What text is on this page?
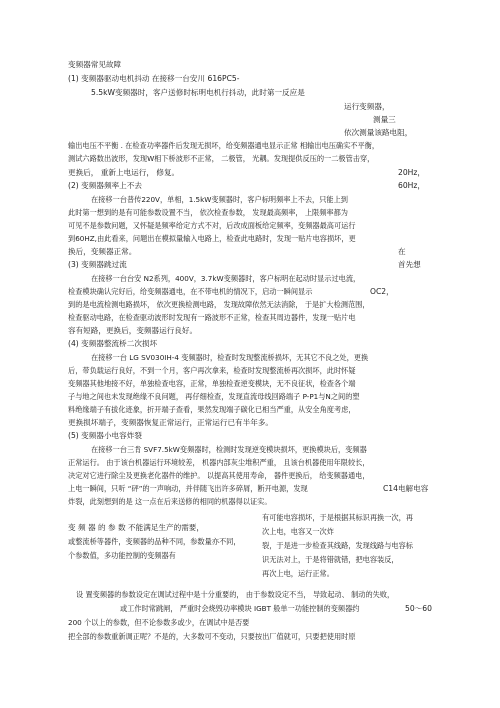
变频器常见故障
(1) 变频器驱动电机抖动 在接移一台安川 616PC5-
5.5kW变频器时，客户送修时标明电机行抖动，此时第一反应是
运行变频器，
测量三
依次测量该路电阻，
输出电压不平衡 . 在检查功率器件后发现无损坏，给变频器通电显示正常 相输出电压确实不平衡，
测试六路数出波形，发现W相下桥波形不正常， 二极管， 光耦。发现提供反压的一二极管击穿，
更换后， 重新上电运行， 修复。	20Hz，
(2) 变频器频率上不去	60Hz，
在接移一台普传220V，单相，1.5kW变频器时，客户标明频率上不去，只能上到
此时第一想到的是有可能参数设置不当， 依次检查参数， 发现最高频率， 上限频率都为
可见不是参数问题，又怀疑是频率给定方式不对，后改成面板给定频率，变频器最高可运行
到60HZ,由此看来，问题出在模拟量输入电路上，检查此电路时，发现一贴片电容损坏，更
换后，变频器正常。	在
(3) 变频器跳过流	首先想
在接移一台台安 N2系列，400V，3.7kW变频器时，客户标明在起动时显示过电流，
检查模块确认完好后，给变频器通电，在不带电机的情况下，启动一瞬间显示	OC2，
到的是电流检测电路损坏， 依次更换检测电路， 发现故障依然无法消除， 于是扩大检测范围，
检查驱动电路，在检查驱动波形时发现有一路波形不正常，检查其周边器件，发现一贴片电
容有短路，更换后，变频器运行良好。
(4) 变频器整流桥二次损坏
在接移一台 LG SV030IH-4 变频器时，检查时发现整流桥损坏，无其它不良之处，更换
后，带负载运行良好，不到一个月，客户再次拿来，检查时发现整流桥再次损坏，此时怀疑
变频器其他地接不好，单独检查电容，正常，单独检查逆变模块，无不良征状，检查各个端
子与地之间也未发现绝缘不良问题， 再仔细检查，发现直流母线回路端子 P-P1与N之间的塑
料绝缘端子有拔化迹象，折开端子查看，果然发现端子碳化已相当严重，从安全角度考虑，
更换损坏端子，变频器恢复正常运行，正常运行已有半年多。
(5) 变频器小电容炸裂
在接移一台三肯 SVF7.5kW变频器时，检测时发现逆变模块损坏，更换模块后，变频器
正常运行。 由于该台机器运行环境较差， 机器内部灰尘堆积严重， 且该台机器使用年限较长，
决定对它进行除尘及更换老化器件的维护。 以提高其使用寿命， 器件更换后， 给变频器通电，
上电一瞬间，只听 “砰”的一声响动，并伴随飞出许多碎屑，断开电源，发现	C14电解电容
炸裂，此刻想到的是 这一点在后来送修的相同的机器得以证实。
有可能电容损坏，于是根据其标识再换一次，再
变 频 器 的 参 数 不能满足生产的需要，	次上电，电容又一次炸
或整流桥等器件，变频器的品种不同，参数量亦不同，	裂，于是进一步检查其线路，发现线路与电容标
个参数值，多功能控制的变频器有	识无法对上，于是将错就错，把电容装反，
再次上电，运行正常。
设 置变频器的参数设定在调试过程中是十分重要的， 由于参数设定不当， 导致起动、 制动的失败，
或工作时常跳闸， 严重时会烧毁功率模块 IGBT 般单一功能控制的变频器约	50～60
200 个以上的参数，但不论参数多或少，在调试中是否要
把全部的参数重新调正呢？不是的，大多数可不变动，只要按出厂值就可，只要把使用时原
